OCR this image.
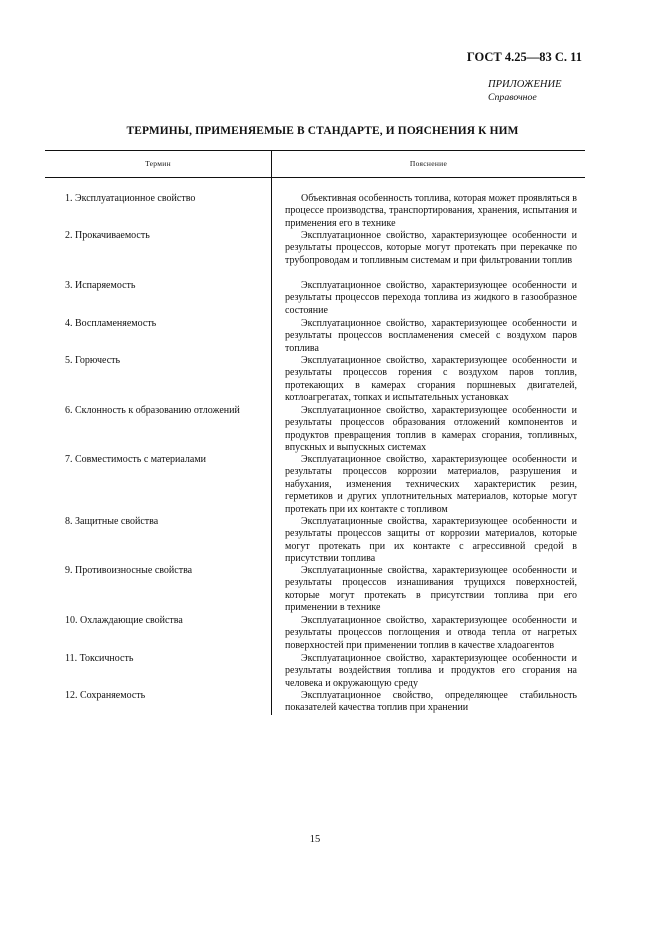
ГОСТ 4.25—83 С. 11
ПРИЛОЖЕНИЕ
Справочное
ТЕРМИНЫ, ПРИМЕНЯЕМЫЕ В СТАНДАРТЕ, И ПОЯСНЕНИЯ К НИМ
Термин	Пояснение
1. Эксплуатационное свойство	Объективная особенность топлива, которая может проявляться в процессе производства, транспортирования, хранения, испытания и применения его в технике
2. Прокачиваемость	Эксплуатационное свойство, характеризующее особенности и результаты процессов, которые могут протекать при перекачке по трубопроводам и топливным системам и при фильтровании топлив
3. Испаряемость	Эксплуатационное свойство, характеризующее особенности и результаты процессов перехода топлива из жидкого в газообразное состояние
4. Воспламеняемость	Эксплуатационное свойство, характеризующее особенности и результаты процессов воспламенения смесей с воздухом паров топлива
5. Горючесть	Эксплуатационное свойство, характеризующее особенности и результаты процессов горения с воздухом паров топлив, протекающих в камерах сгорания поршневых двигателей, котлоагрегатах, топках и испытательных установках
6. Склонность к образованию отложений	Эксплуатационное свойство, характеризующее особенности и результаты процессов образования отложений компонентов и продуктов превращения топлив в камерах сгорания, топливных, впускных и выпускных системах
7. Совместимость с материалами	Эксплуатационное свойство, характеризующее особенности и результаты процессов коррозии материалов, разрушения и набухания, изменения технических характеристик резин, герметиков и других уплотнительных материалов, которые могут протекать при их контакте с топливом
8. Защитные свойства	Эксплуатационные свойства, характеризующее особенности и результаты процессов защиты от коррозии материалов, которые могут протекать при их контакте с агрессивной средой в присутствии топлива
9. Противоизносные свойства	Эксплуатационные свойства, характеризующее особенности и результаты процессов изнашивания трущихся поверхностей, которые могут протекать в присутствии топлива при его применении в технике
10. Охлаждающие свойства	Эксплуатационное свойство, характеризующее особенности и результаты процессов поглощения и отвода тепла от нагретых поверхностей при применении топлив в качестве хладоагентов
11. Токсичность	Эксплуатационное свойство, характеризующее особенности и результаты воздействия топлива и продуктов его сгорания на человека и окружающую среду
12. Сохраняемость	Эксплуатационное свойство, определяющее стабильность показателей качества топлив при хранении
15
